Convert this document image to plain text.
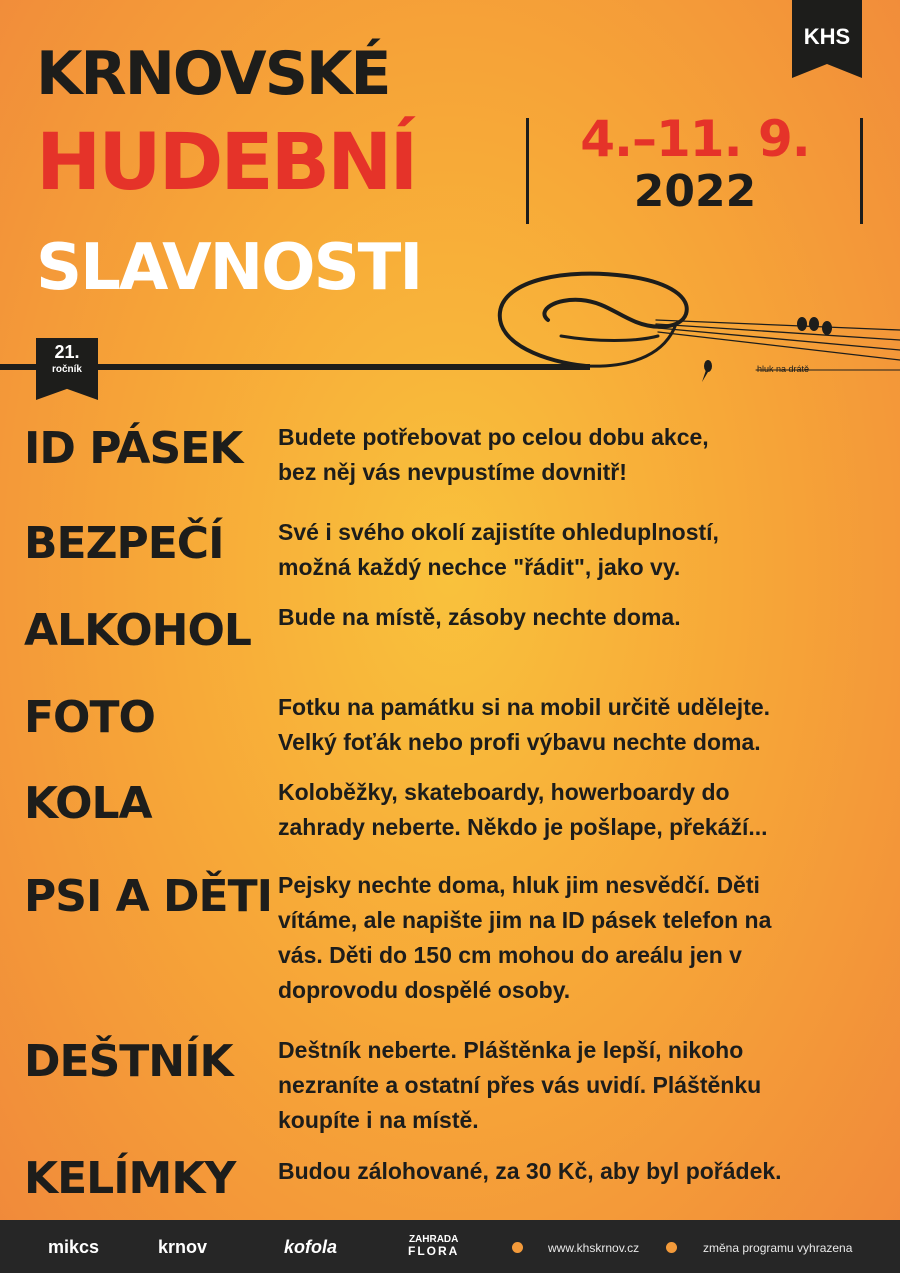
KRNOVSKÉ
HUDEBNÍ
SLAVNOSTI
KHS
4.–11. 9.
2022
21.
ročník	hluk na drátě
ID PÁSEK Budete potřebovat po celou dobu akce,
bez něj vás nevpustíme dovnitř!
BEZPEČÍ Své i svého okolí zajistíte ohleduplností,
možná každý nechce "řádit", jako vy.
ALKOHOL Bude na místě, zásoby nechte doma.
FOTO	Fotku na památku si na mobil určitě udělejte.
Velký foťák nebo profi výbavu nechte doma.
KOLA	Koloběžky, skateboardy, howerboardy do
zahrady neberte. Někdo je pošlape, překáží...
PSI A DĚTI Pejsky nechte doma, hluk jim nesvědčí. Děti
vítáme, ale napište jim na ID pásek telefon na
vás. Děti do 150 cm mohou do areálu jen v
doprovodu dospělé osoby.
DEŠTNÍK Deštník neberte. Pláštěnka je lepší, nikoho
nezraníte a ostatní přes vás uvidí. Pláštěnku
koupíte i na místě.
KELÍMKY Budou zálohované, za 30 Kč, aby byl pořádek.
mikcs	krnov	kofola	ZAHRADA
FLORA	www.khskrnov.cz	změna programu vyhrazena
